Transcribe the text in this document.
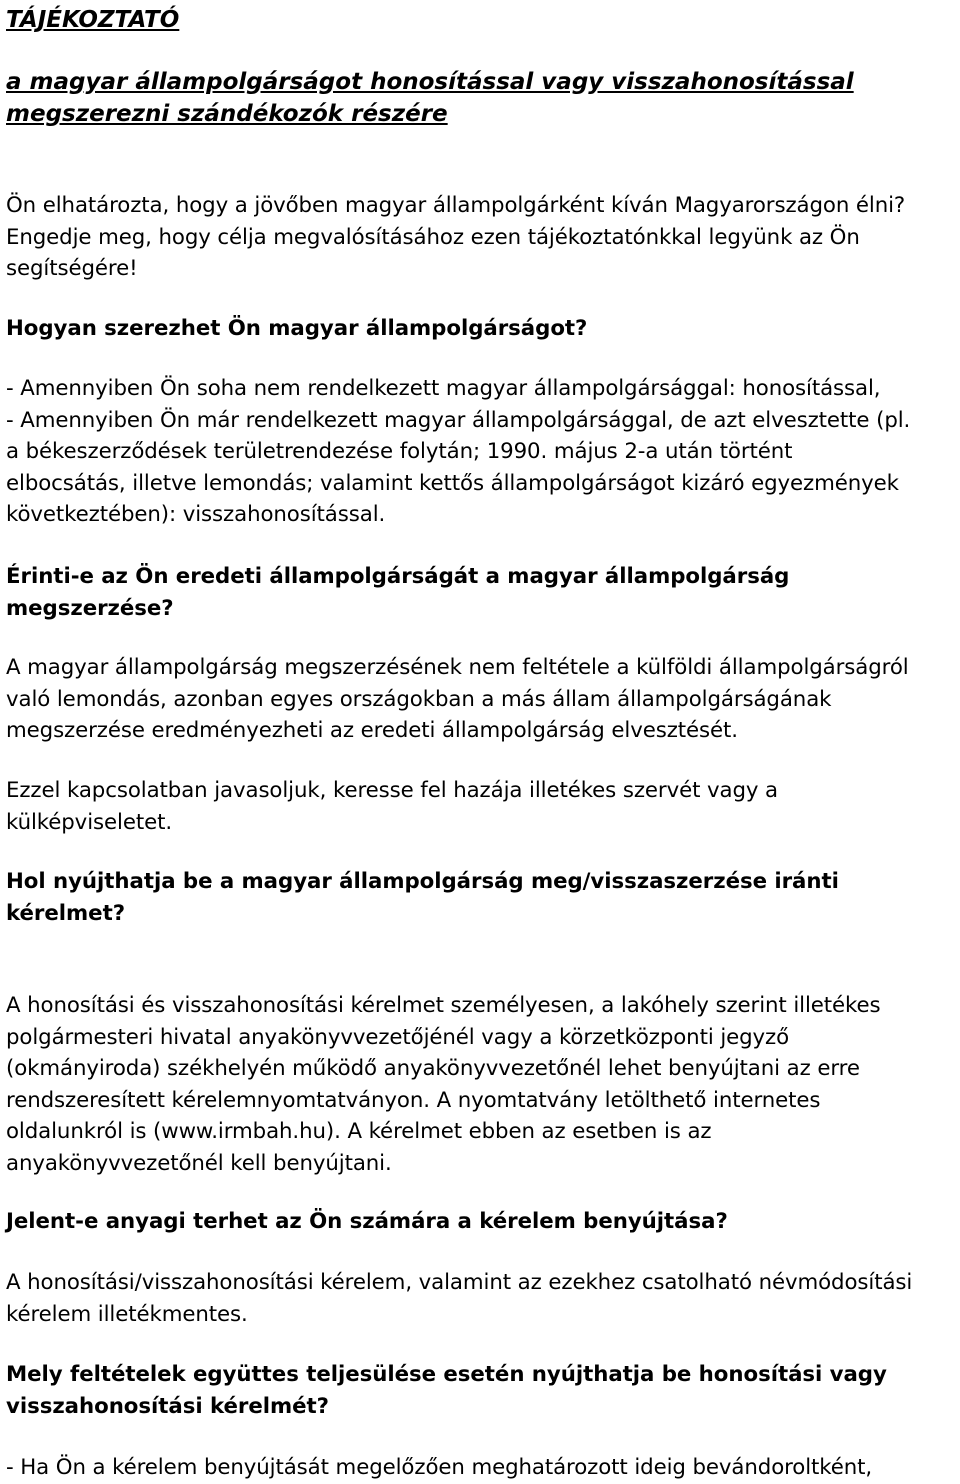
TÁJÉKOZTATÓ
a magyar állampolgárságot honosítással vagy visszahonosítással
megszerezni szándékozók részére

Ön elhatározta, hogy a jövőben magyar állampolgárként kíván Magyarországon élni?
Engedje meg, hogy célja megvalósításához ezen tájékoztatónkkal legyünk az Ön
segítségére!

Hogyan szerezhet Ön magyar állampolgárságot?

- Amennyiben Ön soha nem rendelkezett magyar állampolgársággal: honosítással,
- Amennyiben Ön már rendelkezett magyar állampolgársággal, de azt elvesztette (pl.
a békeszerződések területrendezése folytán; 1990. május 2-a után történt
elbocsátás, illetve lemondás; valamint kettős állampolgárságot kizáró egyezmények
következtében): visszahonosítással.

Érinti-e az Ön eredeti állampolgárságát a magyar állampolgárság
megszerzése?

A magyar állampolgárság megszerzésének nem feltétele a külföldi állampolgárságról
való lemondás, azonban egyes országokban a más állam állampolgárságának
megszerzése eredményezheti az eredeti állampolgárság elvesztését.

Ezzel kapcsolatban javasoljuk, keresse fel hazája illetékes szervét vagy a
külképviseletet.

Hol nyújthatja be a magyar állampolgárság meg/visszaszerzése iránti
kérelmet?

A honosítási és visszahonosítási kérelmet személyesen, a lakóhely szerint illetékes
polgármesteri hivatal anyakönyvvezetőjénél vagy a körzetközponti jegyző
(okmányiroda) székhelyén működő anyakönyvvezetőnél lehet benyújtani az erre
rendszeresített kérelemnyomtatványon. A nyomtatvány letölthető internetes
oldalunkról is (www.irmbah.hu). A kérelmet ebben az esetben is az
anyakönyvvezetőnél kell benyújtani.

Jelent-e anyagi terhet az Ön számára a kérelem benyújtása?

A honosítási/visszahonosítási kérelem, valamint az ezekhez csatolható névmódosítási
kérelem illetékmentes.

Mely feltételek együttes teljesülése esetén nyújthatja be honosítási vagy
visszahonosítási kérelmét?

- Ha Ön a kérelem benyújtását megelőzően meghatározott ideig bevándoroltként,
